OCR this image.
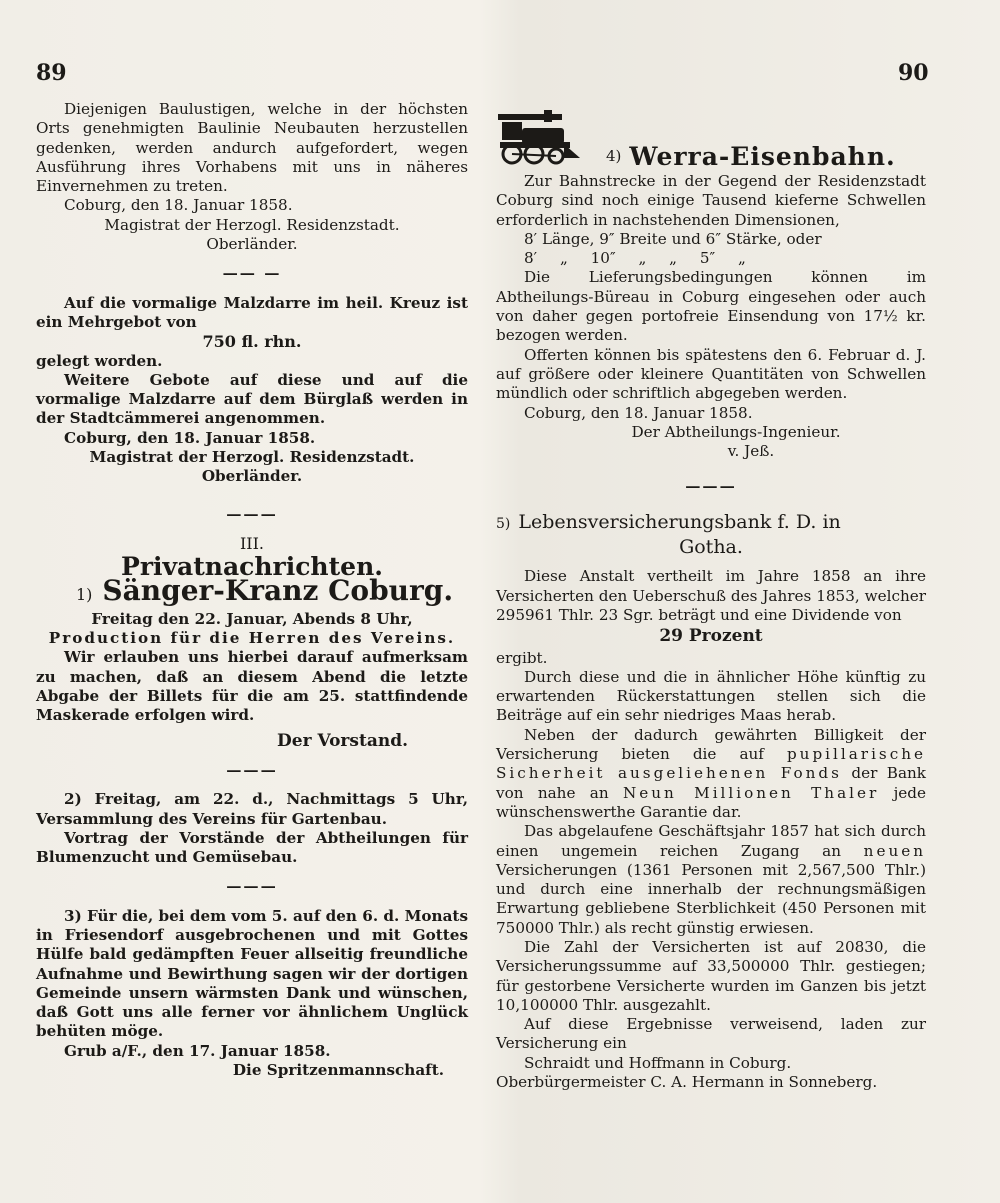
89	90

Diejenigen Baulustigen, welche in der höchsten Orts genehmigten Baulinie Neubauten herzustellen gedenken, werden andurch aufgefordert, wegen Ausführung ihres Vorhabens mit uns in näheres Einvernehmen zu treten.

Coburg, den 18. Januar 1858.

Magistrat der Herzogl. Residenzstadt.

Oberländer.

—— —

Auf die vormalige Malzdarre im heil. Kreuz ist ein Mehrgebot von

750 fl. rhn.

gelegt worden.

Weitere Gebote auf diese und auf die vormalige Malzdarre auf dem Bürglaß werden in der Stadtcämmerei angenommen.

Coburg, den 18. Januar 1858.

Magistrat der Herzogl. Residenzstadt.

Oberländer.

———
III.
Privatnachrichten.
1) Sänger-Kranz Coburg.

Freitag den 22. Januar, Abends 8 Uhr,

Production für die Herren des Vereins.

Wir erlauben uns hierbei darauf aufmerksam zu machen, daß an diesem Abend die letzte Abgabe der Billets für die am 25. stattfindende Maskerade erfolgen wird.

Der Vorstand.
———

2) Freitag, am 22. d., Nachmittags 5 Uhr, Versammlung des Vereins für Gartenbau.

Vortrag der Vorstände der Abtheilungen für Blumenzucht und Gemüsebau.

———

3) Für die, bei dem vom 5. auf den 6. d. Monats in Friesendorf ausgebrochenen und mit Gottes Hülfe bald gedämpften Feuer allseitig freundliche Aufnahme und Bewirthung sagen wir der dortigen Gemeinde unsern wärmsten Dank und wünschen, daß Gott uns alle ferner vor ähnlichem Unglück behüten möge.

Grub a/F., den 17. Januar 1858.

Die Spritzenmannschaft.

4) Werra-Eisenbahn.

Zur Bahnstrecke in der Gegend der Residenzstadt Coburg sind noch einige Tausend kieferne Schwellen erforderlich in nachstehenden Dimensionen,

8′ Länge, 9″ Breite und 6″ Stärke, oder

8′ „ 10″ „ „ 5″ „

Die Lieferungsbedingungen können im Abtheilungs-Büreau in Coburg eingesehen oder auch von daher gegen portofreie Einsendung von 17½ kr. bezogen werden.

Offerten können bis spätestens den 6. Februar d. J. auf größere oder kleinere Quantitäten von Schwellen mündlich oder schriftlich abgegeben werden.

Coburg, den 18. Januar 1858.

Der Abtheilungs-Ingenieur.

v. Jeß.

———
5) Lebensversicherungsbank f. D. in
Gotha.

Diese Anstalt vertheilt im Jahre 1858 an ihre Versicherten den Ueberschuß des Jahres 1853, welcher 295961 Thlr. 23 Sgr. beträgt und eine Dividende von

29 Prozent

ergibt.

Durch diese und die in ähnlicher Höhe künftig zu erwartenden Rückerstattungen stellen sich die Beiträge auf ein sehr niedriges Maas herab.

Neben der dadurch gewährten Billigkeit der Versicherung bieten die auf pupillarische Sicherheit ausgeliehenen Fonds der Bank von nahe an Neun Millionen Thaler jede wünschenswerthe Garantie dar.

Das abgelaufene Geschäftsjahr 1857 hat sich durch einen ungemein reichen Zugang an neuen Versicherungen (1361 Personen mit 2,567,500 Thlr.) und durch eine innerhalb der rechnungsmäßigen Erwartung gebliebene Sterblichkeit (450 Personen mit 750000 Thlr.) als recht günstig erwiesen.

Die Zahl der Versicherten ist auf 20830, die Versicherungssumme auf 33,500000 Thlr. gestiegen; für gestorbene Versicherte wurden im Ganzen bis jetzt 10,100000 Thlr. ausgezahlt.

Auf diese Ergebnisse verweisend, laden zur Versicherung ein

Schraidt und Hoffmann in Coburg.

Oberbürgermeister C. A. Hermann in Sonneberg.
